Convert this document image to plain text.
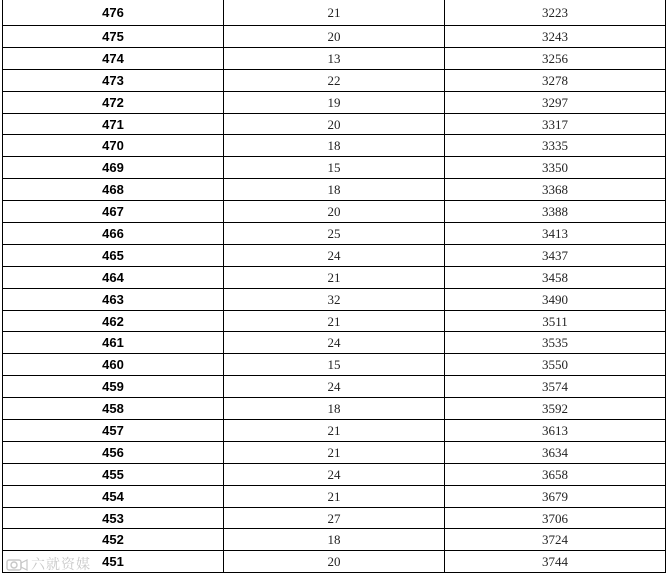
476	21	3223
475	20	3243
474	13	3256
473	22	3278
472	19	3297
471	20	3317
470	18	3335
469	15	3350
468	18	3368
467	20	3388
466	25	3413
465	24	3437
464	21	3458
463	32	3490
462	21	3511
461	24	3535
460	15	3550
459	24	3574
458	18	3592
457	21	3613
456	21	3634
455	24	3658
454	21	3679
453	27	3706
452	18	3724
451	20	3744
六就资媒
